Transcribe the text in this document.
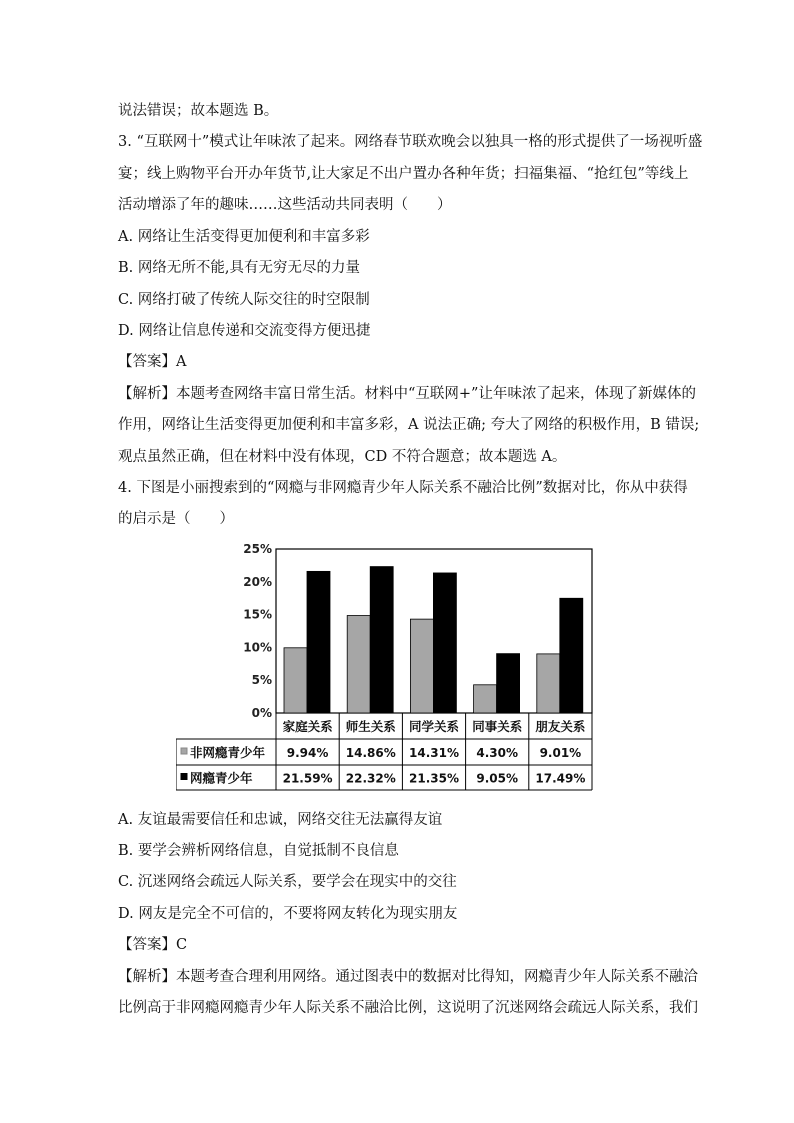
说法错误；故本题选 B。
3. “互联网十”模式让年味浓了起来。网络春节联欢晚会以独具一格的形式提供了一场视听盛
宴；线上购物平台开办年货节,让大家足不出户置办各种年货；扫福集福、“抢红包”等线上
活动增添了年的趣味……这些活动共同表明（　　）
A. 网络让生活变得更加便利和丰富多彩
B. 网络无所不能,具有无穷无尽的力量
C. 网络打破了传统人际交往的时空限制
D. 网络让信息传递和交流变得方便迅捷
【答案】A
【解析】本题考查网络丰富日常生活。材料中“互联网+”让年味浓了起来，体现了新媒体的
作用，网络让生活变得更加便利和丰富多彩，A 说法正确; 夸大了网络的积极作用，B 错误;
观点虽然正确，但在材料中没有体现，CD 不符合题意；故本题选 A。
4. 下图是小丽搜索到的“网瘾与非网瘾青少年人际关系不融洽比例”数据对比，你从中获得
的启示是（　　）
A. 友谊最需要信任和忠诚，网络交往无法赢得友谊
B. 要学会辨析网络信息，自觉抵制不良信息
C. 沉迷网络会疏远人际关系，要学会在现实中的交往
D. 网友是完全不可信的，不要将网友转化为现实朋友
【答案】C
【解析】本题考查合理利用网络。通过图表中的数据对比得知，网瘾青少年人际关系不融洽
比例高于非网瘾网瘾青少年人际关系不融洽比例，这说明了沉迷网络会疏远人际关系，我们
0%
5%
10%
15%
20%
25%
家庭关系 师生关系 同学关系 同事关系 朋友关系
非网瘾青少年 9.94% 14.86% 14.31% 4.30% 9.01%
网瘾青少年	21.59% 22.32% 21.35% 9.05% 17.49%
